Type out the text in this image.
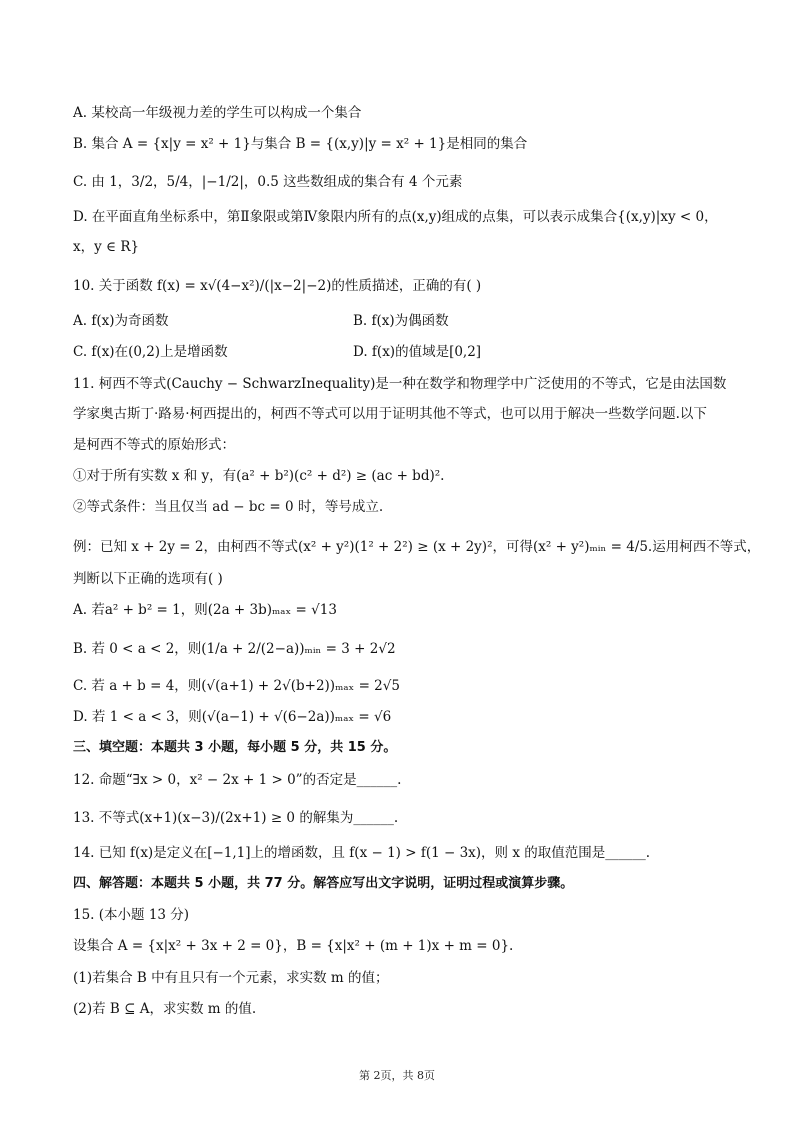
A. 某校高一年级视力差的学生可以构成一个集合
B. 集合 A = {x|y = x² + 1}与集合 B = {(x,y)|y = x² + 1}是相同的集合
C. 由 1，3/2，5/4，|−1/2|，0.5 这些数组成的集合有 4 个元素
D. 在平面直角坐标系中，第Ⅱ象限或第Ⅳ象限内所有的点(x,y)组成的点集，可以表示成集合{(x,y)|xy < 0，
x，y ∈ R}
10. 关于函数 f(x) = x√(4−x²)/(|x−2|−2)的性质描述，正确的有( )
A. f(x)为奇函数	B. f(x)为偶函数
C. f(x)在(0,2)上是增函数	D. f(x)的值域是[0,2]
11. 柯西不等式(Cauchy − SchwarzInequality)是一种在数学和物理学中广泛使用的不等式，它是由法国数
学家奥古斯丁·路易·柯西提出的，柯西不等式可以用于证明其他不等式，也可以用于解决一些数学问题.以下
是柯西不等式的原始形式：
①对于所有实数 x 和 y，有(a² + b²)(c² + d²) ≥ (ac + bd)².
②等式条件：当且仅当 ad − bc = 0 时，等号成立.
例：已知 x + 2y = 2，由柯西不等式(x² + y²)(1² + 2²) ≥ (x + 2y)²，可得(x² + y²)ₘᵢₙ = 4/5.运用柯西不等式，
判断以下正确的选项有( )
A. 若a² + b² = 1，则(2a + 3b)ₘₐₓ = √13
B. 若 0 < a < 2，则(1/a + 2/(2−a))ₘᵢₙ = 3 + 2√2
C. 若 a + b = 4，则(√(a+1) + 2√(b+2))ₘₐₓ = 2√5
D. 若 1 < a < 3，则(√(a−1) + √(6−2a))ₘₐₓ = √6
三、填空题：本题共 3 小题，每小题 5 分，共 15 分。
12. 命题“∃x > 0，x² − 2x + 1 > 0”的否定是______.
13. 不等式(x+1)(x−3)/(2x+1) ≥ 0 的解集为______.
14. 已知 f(x)是定义在[−1,1]上的增函数，且 f(x − 1) > f(1 − 3x)，则 x 的取值范围是______.
四、解答题：本题共 5 小题，共 77 分。解答应写出文字说明，证明过程或演算步骤。
15. (本小题 13 分)
设集合 A = {x|x² + 3x + 2 = 0}，B = {x|x² + (m + 1)x + m = 0}.
(1)若集合 B 中有且只有一个元素，求实数 m 的值；
(2)若 B ⊆ A，求实数 m 的值.
第 2页，共 8页
